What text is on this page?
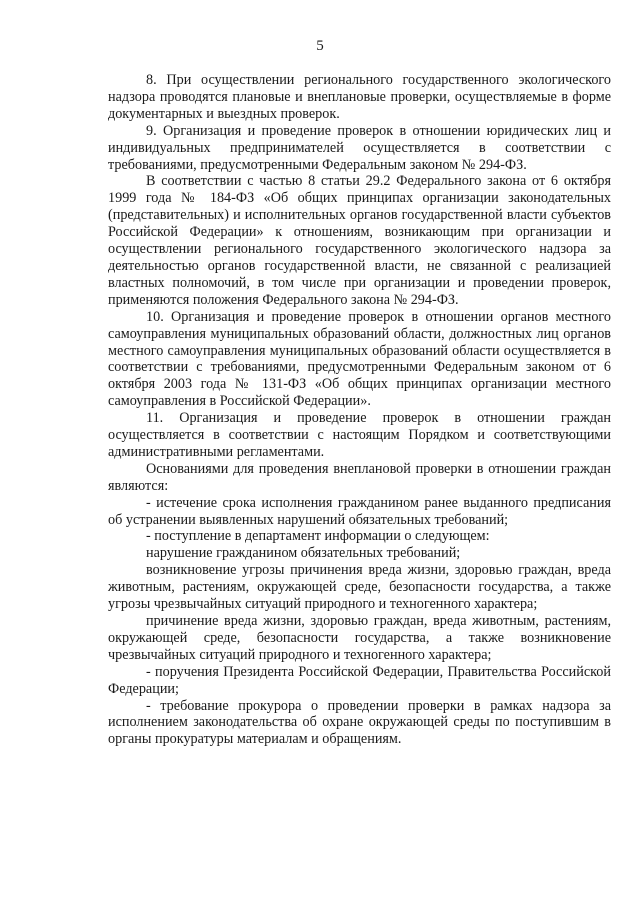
5

8. При осуществлении регионального государственного экологического надзора проводятся плановые и внеплановые проверки, осуществляемые в форме документарных и выездных проверок.

9. Организация и проведение проверок в отношении юридических лиц и индивидуальных предпринимателей осуществляется в соответствии с требованиями, предусмотренными Федеральным законом № 294-ФЗ.

В соответствии с частью 8 статьи 29.2 Федерального закона от 6 октября 1999 года № 184-ФЗ «Об общих принципах организации законодательных (представительных) и исполнительных органов государственной власти субъектов Российской Федерации» к отношениям, возникающим при организации и осуществлении регионального государственного экологического надзора за деятельностью органов государственной власти, не связанной с реализацией властных полномочий, в том числе при организации и проведении проверок, применяются положения Федерального закона № 294-ФЗ.

10. Организация и проведение проверок в отношении органов местного самоуправления муниципальных образований области, должностных лиц органов местного самоуправления муниципальных образований области осуществляется в соответствии с требованиями, предусмотренными Федеральным законом от 6 октября 2003 года № 131-ФЗ «Об общих принципах организации местного самоуправления в Российской Федерации».

11. Организация и проведение проверок в отношении граждан осуществляется в соответствии с настоящим Порядком и соответствующими административными регламентами.

Основаниями для проведения внеплановой проверки в отношении граждан являются:

- истечение срока исполнения гражданином ранее выданного предписания об устранении выявленных нарушений обязательных требований;

- поступление в департамент информации о следующем:

нарушение гражданином обязательных требований;

возникновение угрозы причинения вреда жизни, здоровью граждан, вреда животным, растениям, окружающей среде, безопасности государства, а также угрозы чрезвычайных ситуаций природного и техногенного характера;

причинение вреда жизни, здоровью граждан, вреда животным, растениям, окружающей среде, безопасности государства, а также возникновение чрезвычайных ситуаций природного и техногенного характера;

- поручения Президента Российской Федерации, Правительства Российской Федерации;

- требование прокурора о проведении проверки в рамках надзора за исполнением законодательства об охране окружающей среды по поступившим в органы прокуратуры материалам и обращениям.
